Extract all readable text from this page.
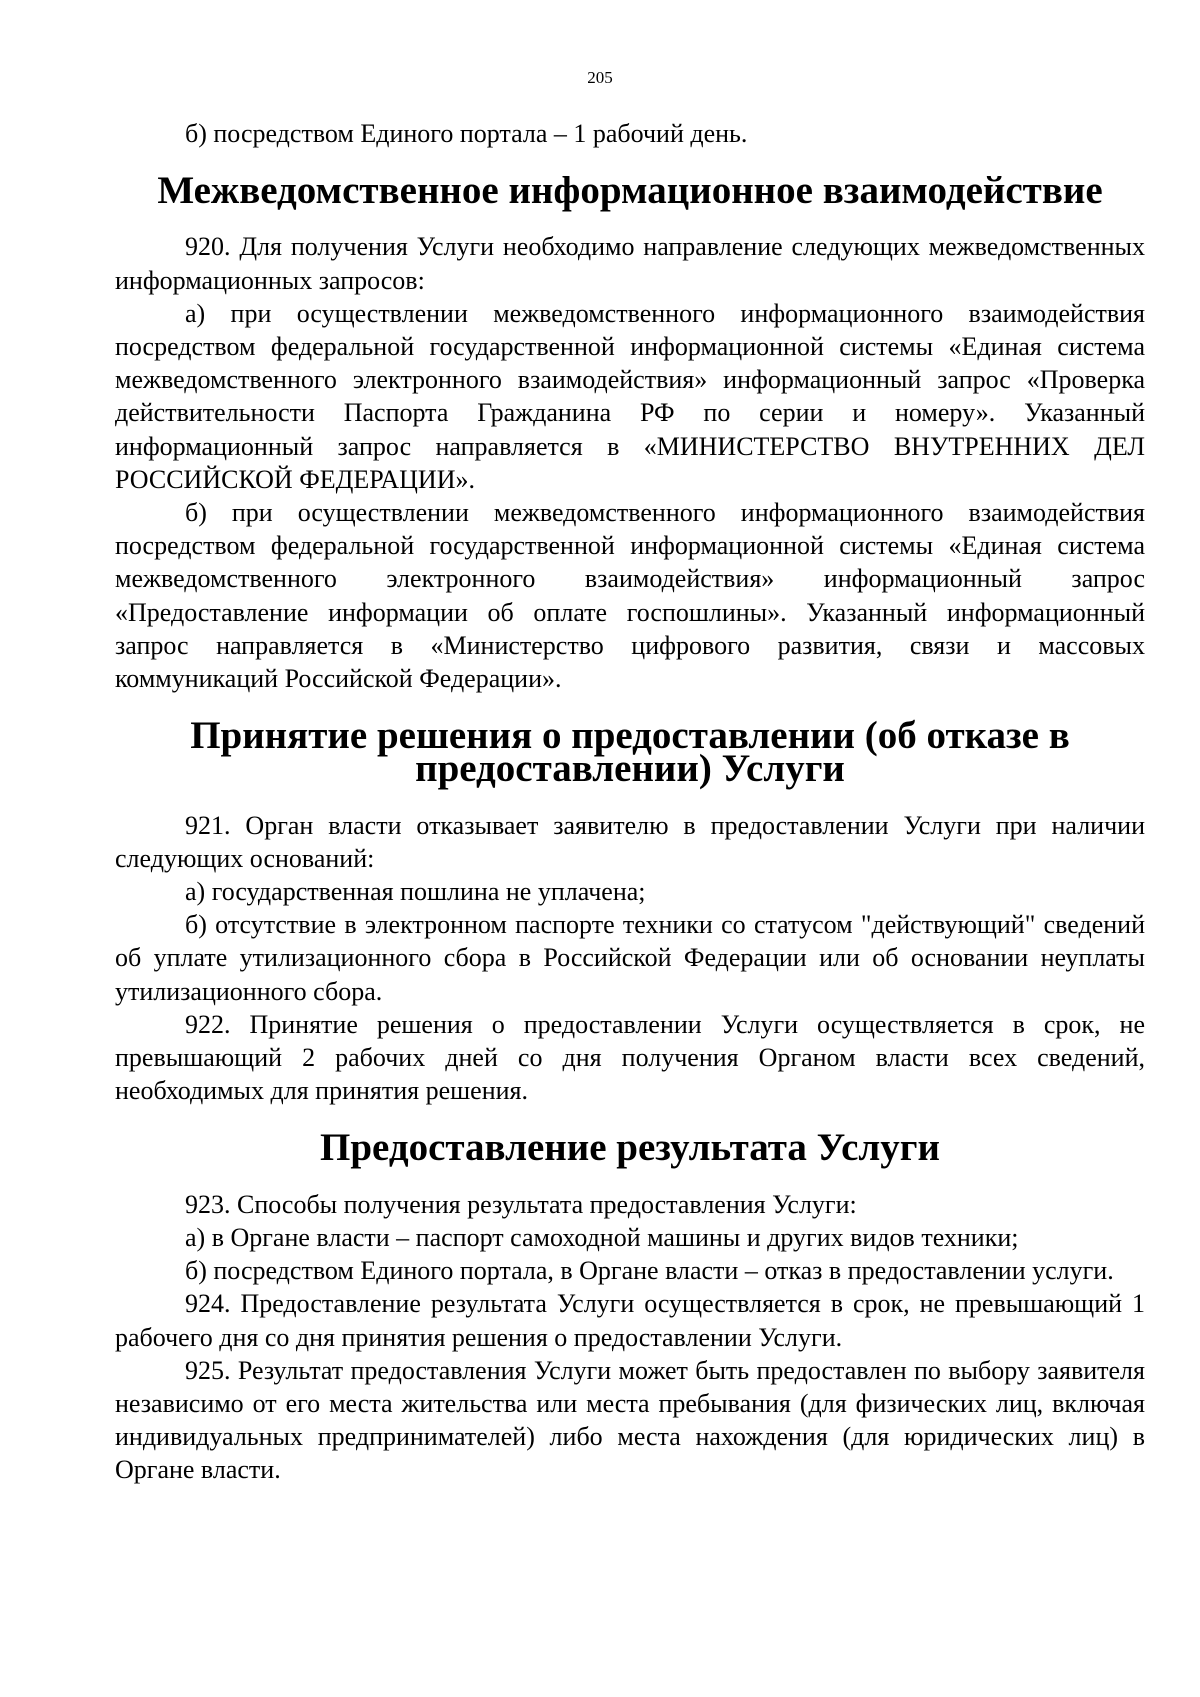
205

б) посредством Единого портала – 1 рабочий день.

Межведомственное информационное взаимодействие

920. Для получения Услуги необходимо направление следующих межведомственных информационных запросов:

а) при осуществлении межведомственного информационного взаимодействия посредством федеральной государственной информационной системы «Единая система межведомственного электронного взаимодействия» информационный запрос «Проверка действительности Паспорта Гражданина РФ по серии и номеру». Указанный информационный запрос направляется в «МИНИСТЕРСТВО ВНУТРЕННИХ ДЕЛ РОССИЙСКОЙ ФЕДЕРАЦИИ».

б) при осуществлении межведомственного информационного взаимодействия посредством федеральной государственной информационной системы «Единая система межведомственного электронного взаимодействия» информационный запрос «Предоставление информации об оплате госпошлины». Указанный информационный запрос направляется в «Министерство цифрового развития, связи и массовых коммуникаций Российской Федерации».

Принятие решения о предоставлении (об отказе в предоставлении) Услуги

921. Орган власти отказывает заявителю в предоставлении Услуги при наличии следующих оснований:

а) государственная пошлина не уплачена;

б) отсутствие в электронном паспорте техники со статусом "действующий" сведений об уплате утилизационного сбора в Российской Федерации или об основании неуплаты утилизационного сбора.

922. Принятие решения о предоставлении Услуги осуществляется в срок, не превышающий 2 рабочих дней со дня получения Органом власти всех сведений, необходимых для принятия решения.

Предоставление результата Услуги

923. Способы получения результата предоставления Услуги:

а) в Органе власти – паспорт самоходной машины и других видов техники;

б) посредством Единого портала, в Органе власти – отказ в предоставлении услуги.

924. Предоставление результата Услуги осуществляется в срок, не превышающий 1 рабочего дня со дня принятия решения о предоставлении Услуги.

925. Результат предоставления Услуги может быть предоставлен по выбору заявителя независимо от его места жительства или места пребывания (для физических лиц, включая индивидуальных предпринимателей) либо места нахождения (для юридических лиц) в Органе власти.
